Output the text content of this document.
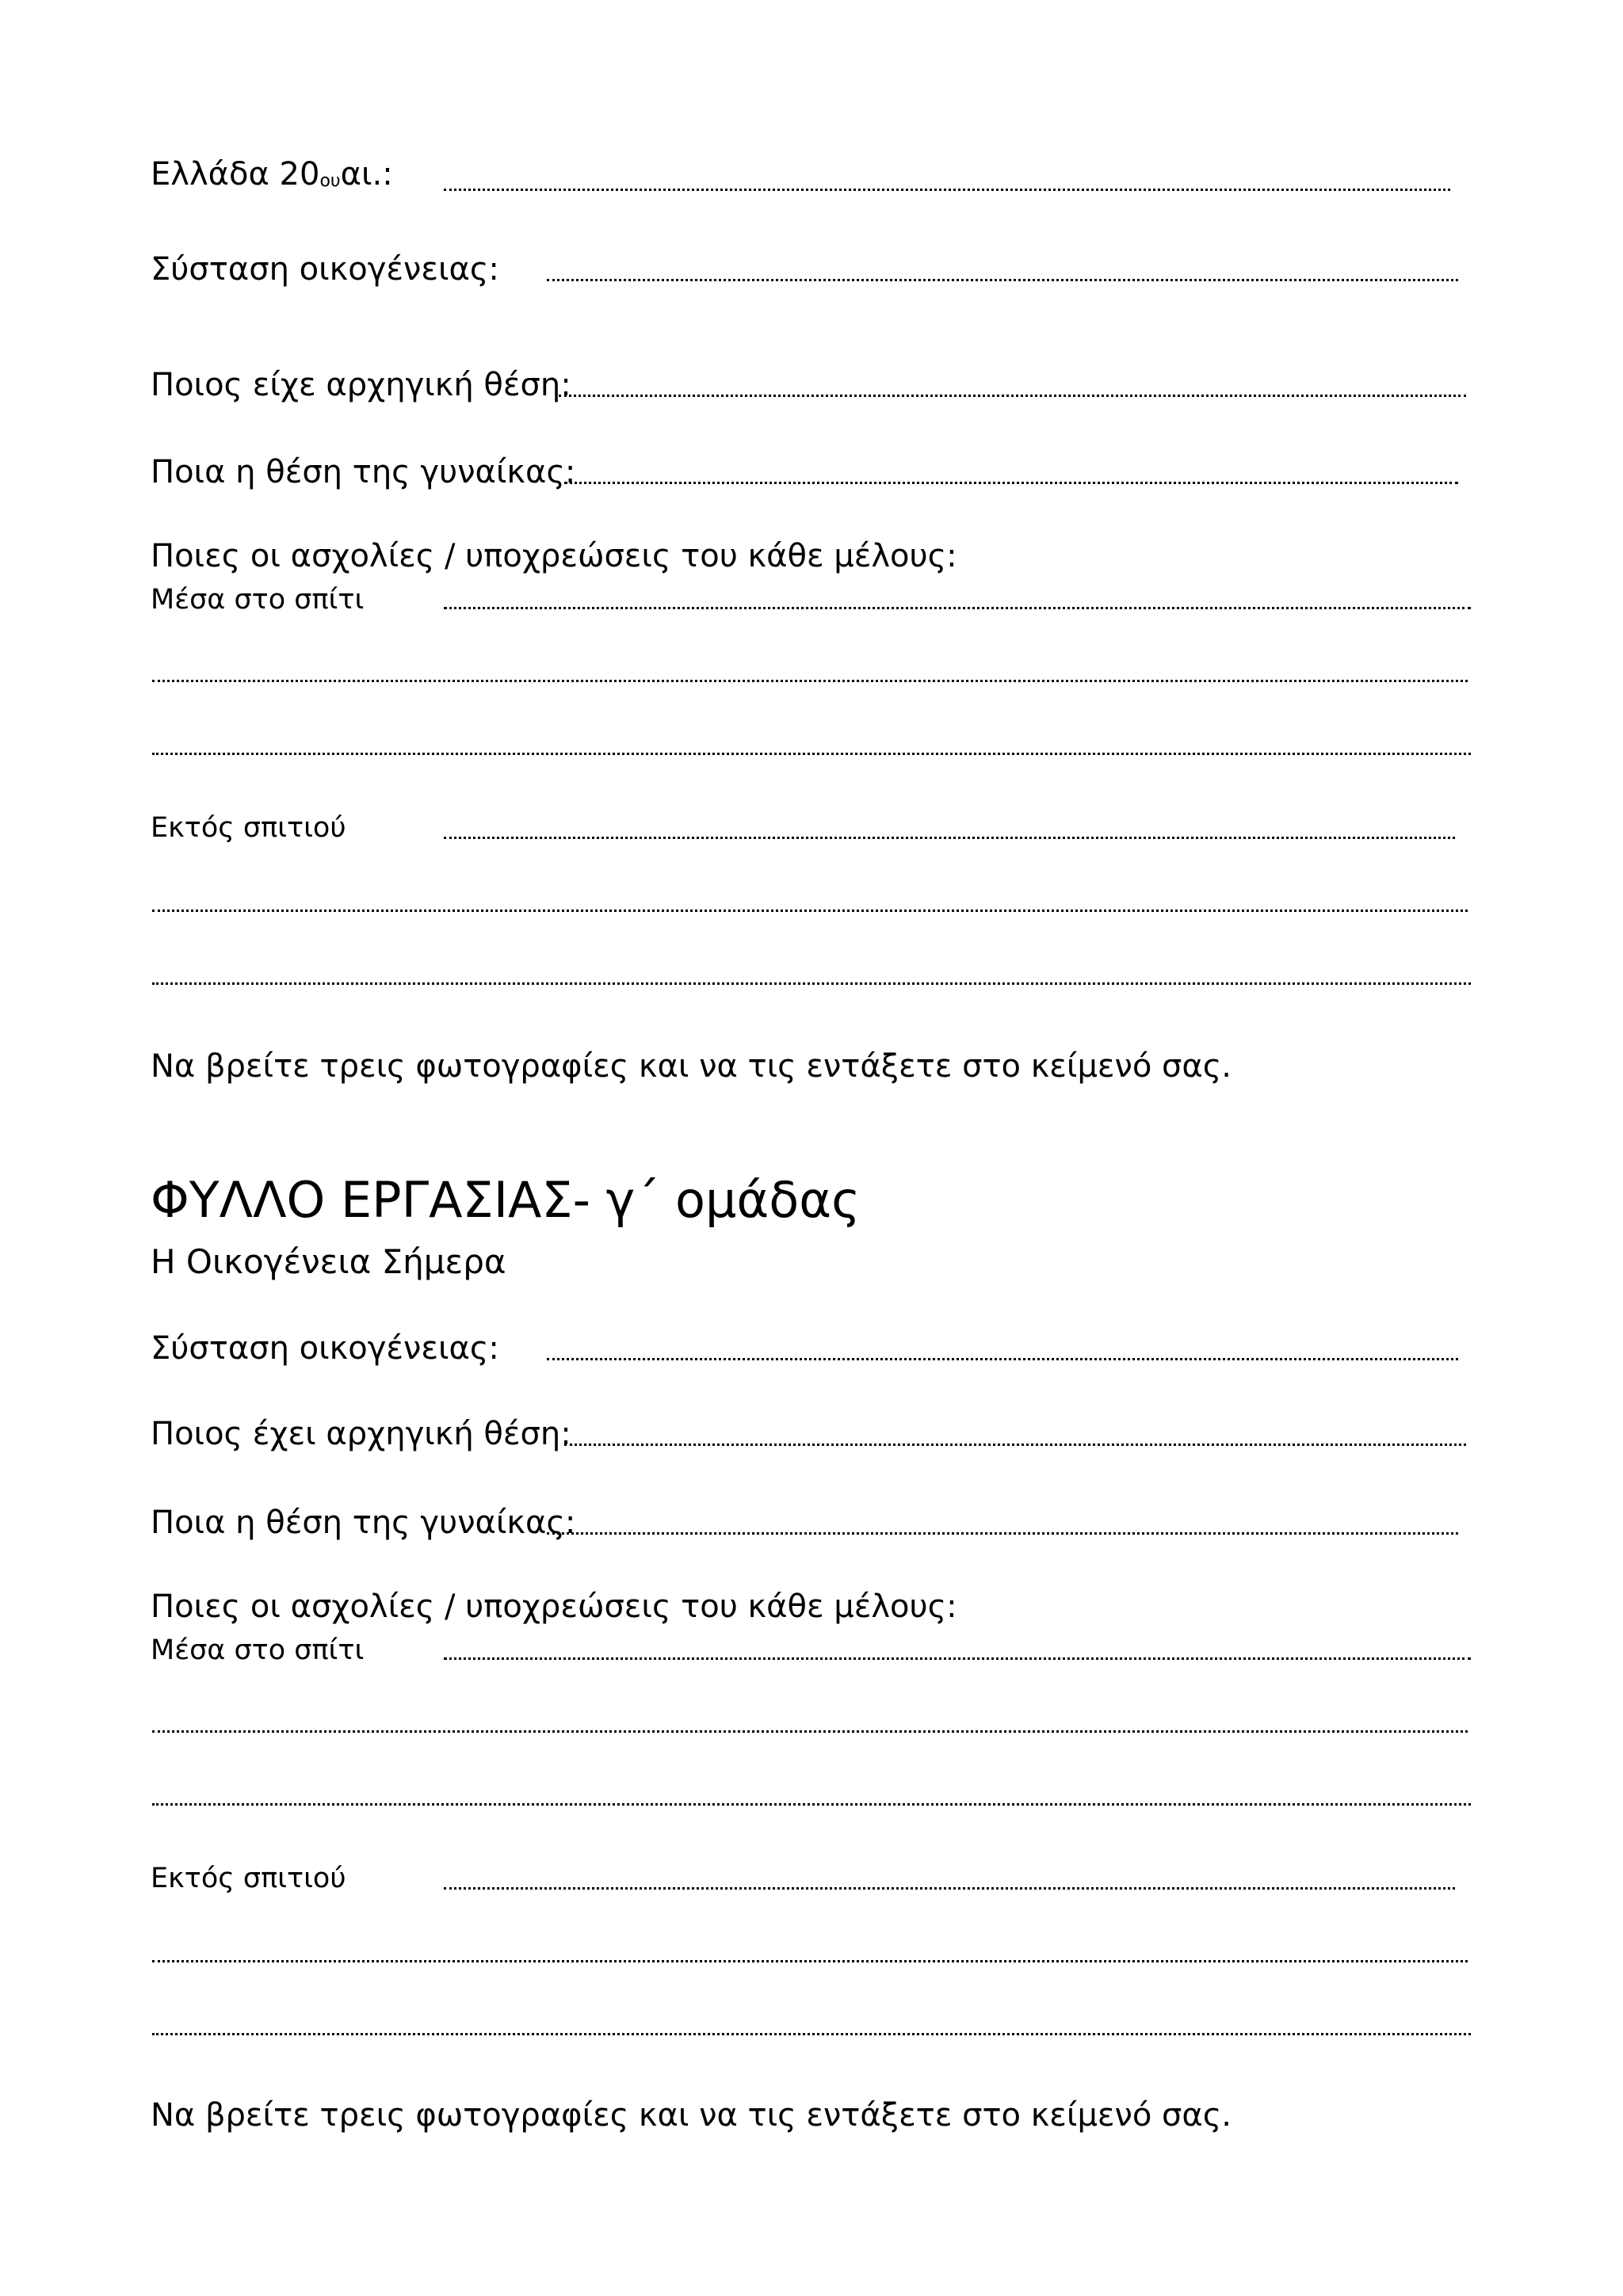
Ελλάδα $20_{o\upsilon}$ αι.:
Σύσταση οικογένειας:
Ποιος είχε αρχηγική θέση:
Ποια η θέση της γυναίκας:
Ποιες οι ασχολίες / υποχρεώσεις του κάθε μέλους:
Μέσα στο σπίτι
Εκτός σπιτιού
Να βρείτε τρεις φωτογραφίες και να τις εντάξετε στο κείμενό σας.
ΦΥΛΛΟ ΕΡΓΑΣΙΑΣ- γ΄ ομάδας
Η Οικογένεια Σήμερα
Σύσταση οικογένειας:
Ποιος έχει αρχηγική θέση:
Ποια η θέση της γυναίκας:
Ποιες οι ασχολίες / υποχρεώσεις του κάθε μέλους:
Μέσα στο σπίτι
Εκτός σπιτιού
Να βρείτε τρεις φωτογραφίες και να τις εντάξετε στο κείμενό σας.
